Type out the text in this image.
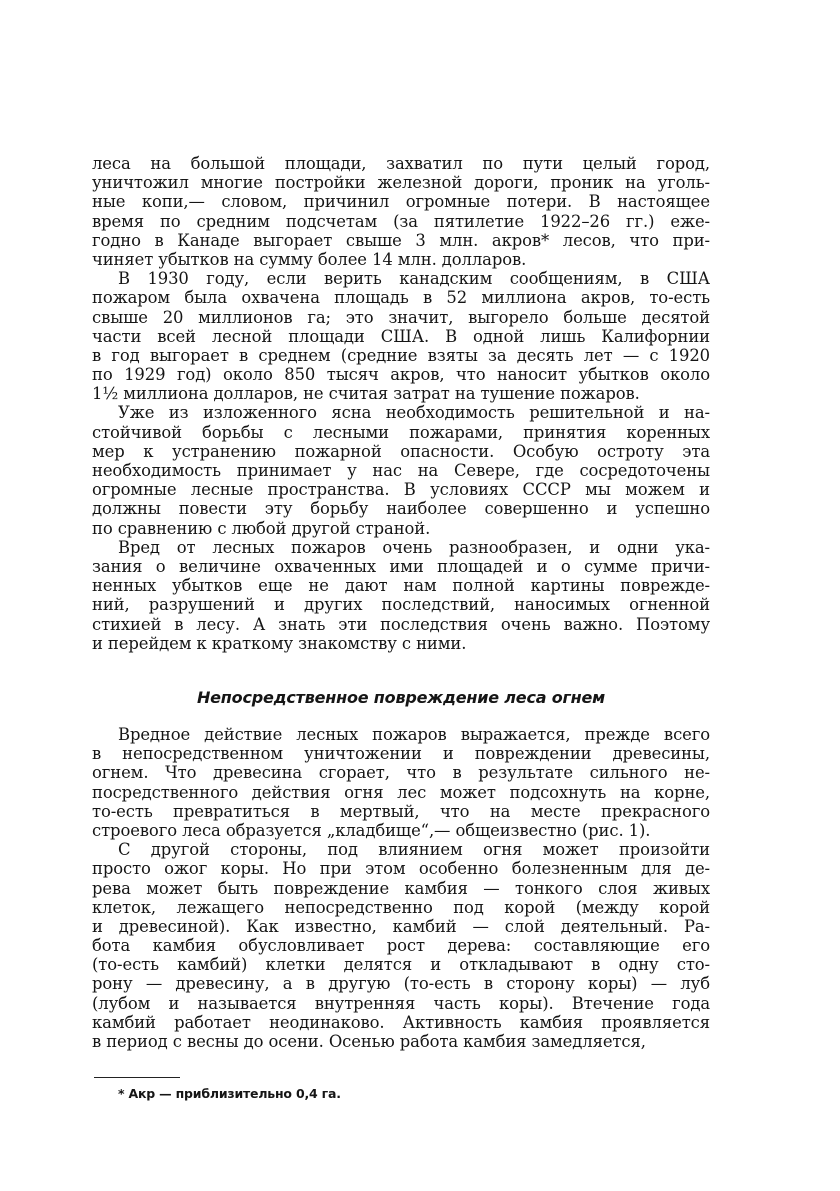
леса на большой площади, захватил по пути целый город,
уничтожил многие постройки железной дороги, проник на уголь-
ные копи,— словом, причинил огромные потери. В настоящее
время по средним подсчетам (за пятилетие 1922–26 гг.) еже-
годно в Канаде выгорает свыше 3 млн. акров* лесов, что при-
чиняет убытков на сумму более 14 млн. долларов.
В 1930 году, если верить канадским сообщениям, в США
пожаром была охвачена площадь в 52 миллиона акров, то-есть
свыше 20 миллионов га; это значит, выгорело больше десятой
части всей лесной площади США. В одной лишь Калифорнии
в год выгорает в среднем (средние взяты за десять лет — с 1920
по 1929 год) около 850 тысяч акров, что наносит убытков около
1½ миллиона долларов, не считая затрат на тушение пожаров.
Уже из изложенного ясна необходимость решительной и на-
стойчивой борьбы с лесными пожарами, принятия коренных
мер к устранению пожарной опасности. Особую остроту эта
необходимость принимает у нас на Севере, где сосредоточены
огромные лесные пространства. В условиях СССР мы можем и
должны повести эту борьбу наиболее совершенно и успешно
по сравнению с любой другой страной.
Вред от лесных пожаров очень разнообразен, и одни ука-
зания о величине охваченных ими площадей и о сумме причи-
ненных убытков еще не дают нам полной картины поврежде-
ний, разрушений и других последствий, наносимых огненной
стихией в лесу. А знать эти последствия очень важно. Поэтому
и перейдем к краткому знакомству с ними.
Непосредственное повреждение леса огнем
Вредное действие лесных пожаров выражается, прежде всего
в непосредственном уничтожении и повреждении древесины,
огнем. Что древесина сгорает, что в результате сильного не-
посредственного действия огня лес может подсохнуть на корне,
то-есть превратиться в мертвый, что на месте прекрасного
строевого леса образуется „кладбище“,— общеизвестно (рис. 1).
С другой стороны, под влиянием огня может произойти
просто ожог коры. Но при этом особенно болезненным для де-
рева может быть повреждение камбия — тонкого слоя живых
клеток, лежащего непосредственно под корой (между корой
и древесиной). Как известно, камбий — слой деятельный. Ра-
бота камбия обусловливает рост дерева: составляющие его
(то-есть камбий) клетки делятся и откладывают в одну сто-
рону — древесину, а в другую (то-есть в сторону коры) — луб
(лубом и называется внутренняя часть коры). Втечение года
камбий работает неодинаково. Активность камбия проявляется
в период с весны до осени. Осенью работа камбия замедляется,
* Акр — приблизительно 0,4 га.
